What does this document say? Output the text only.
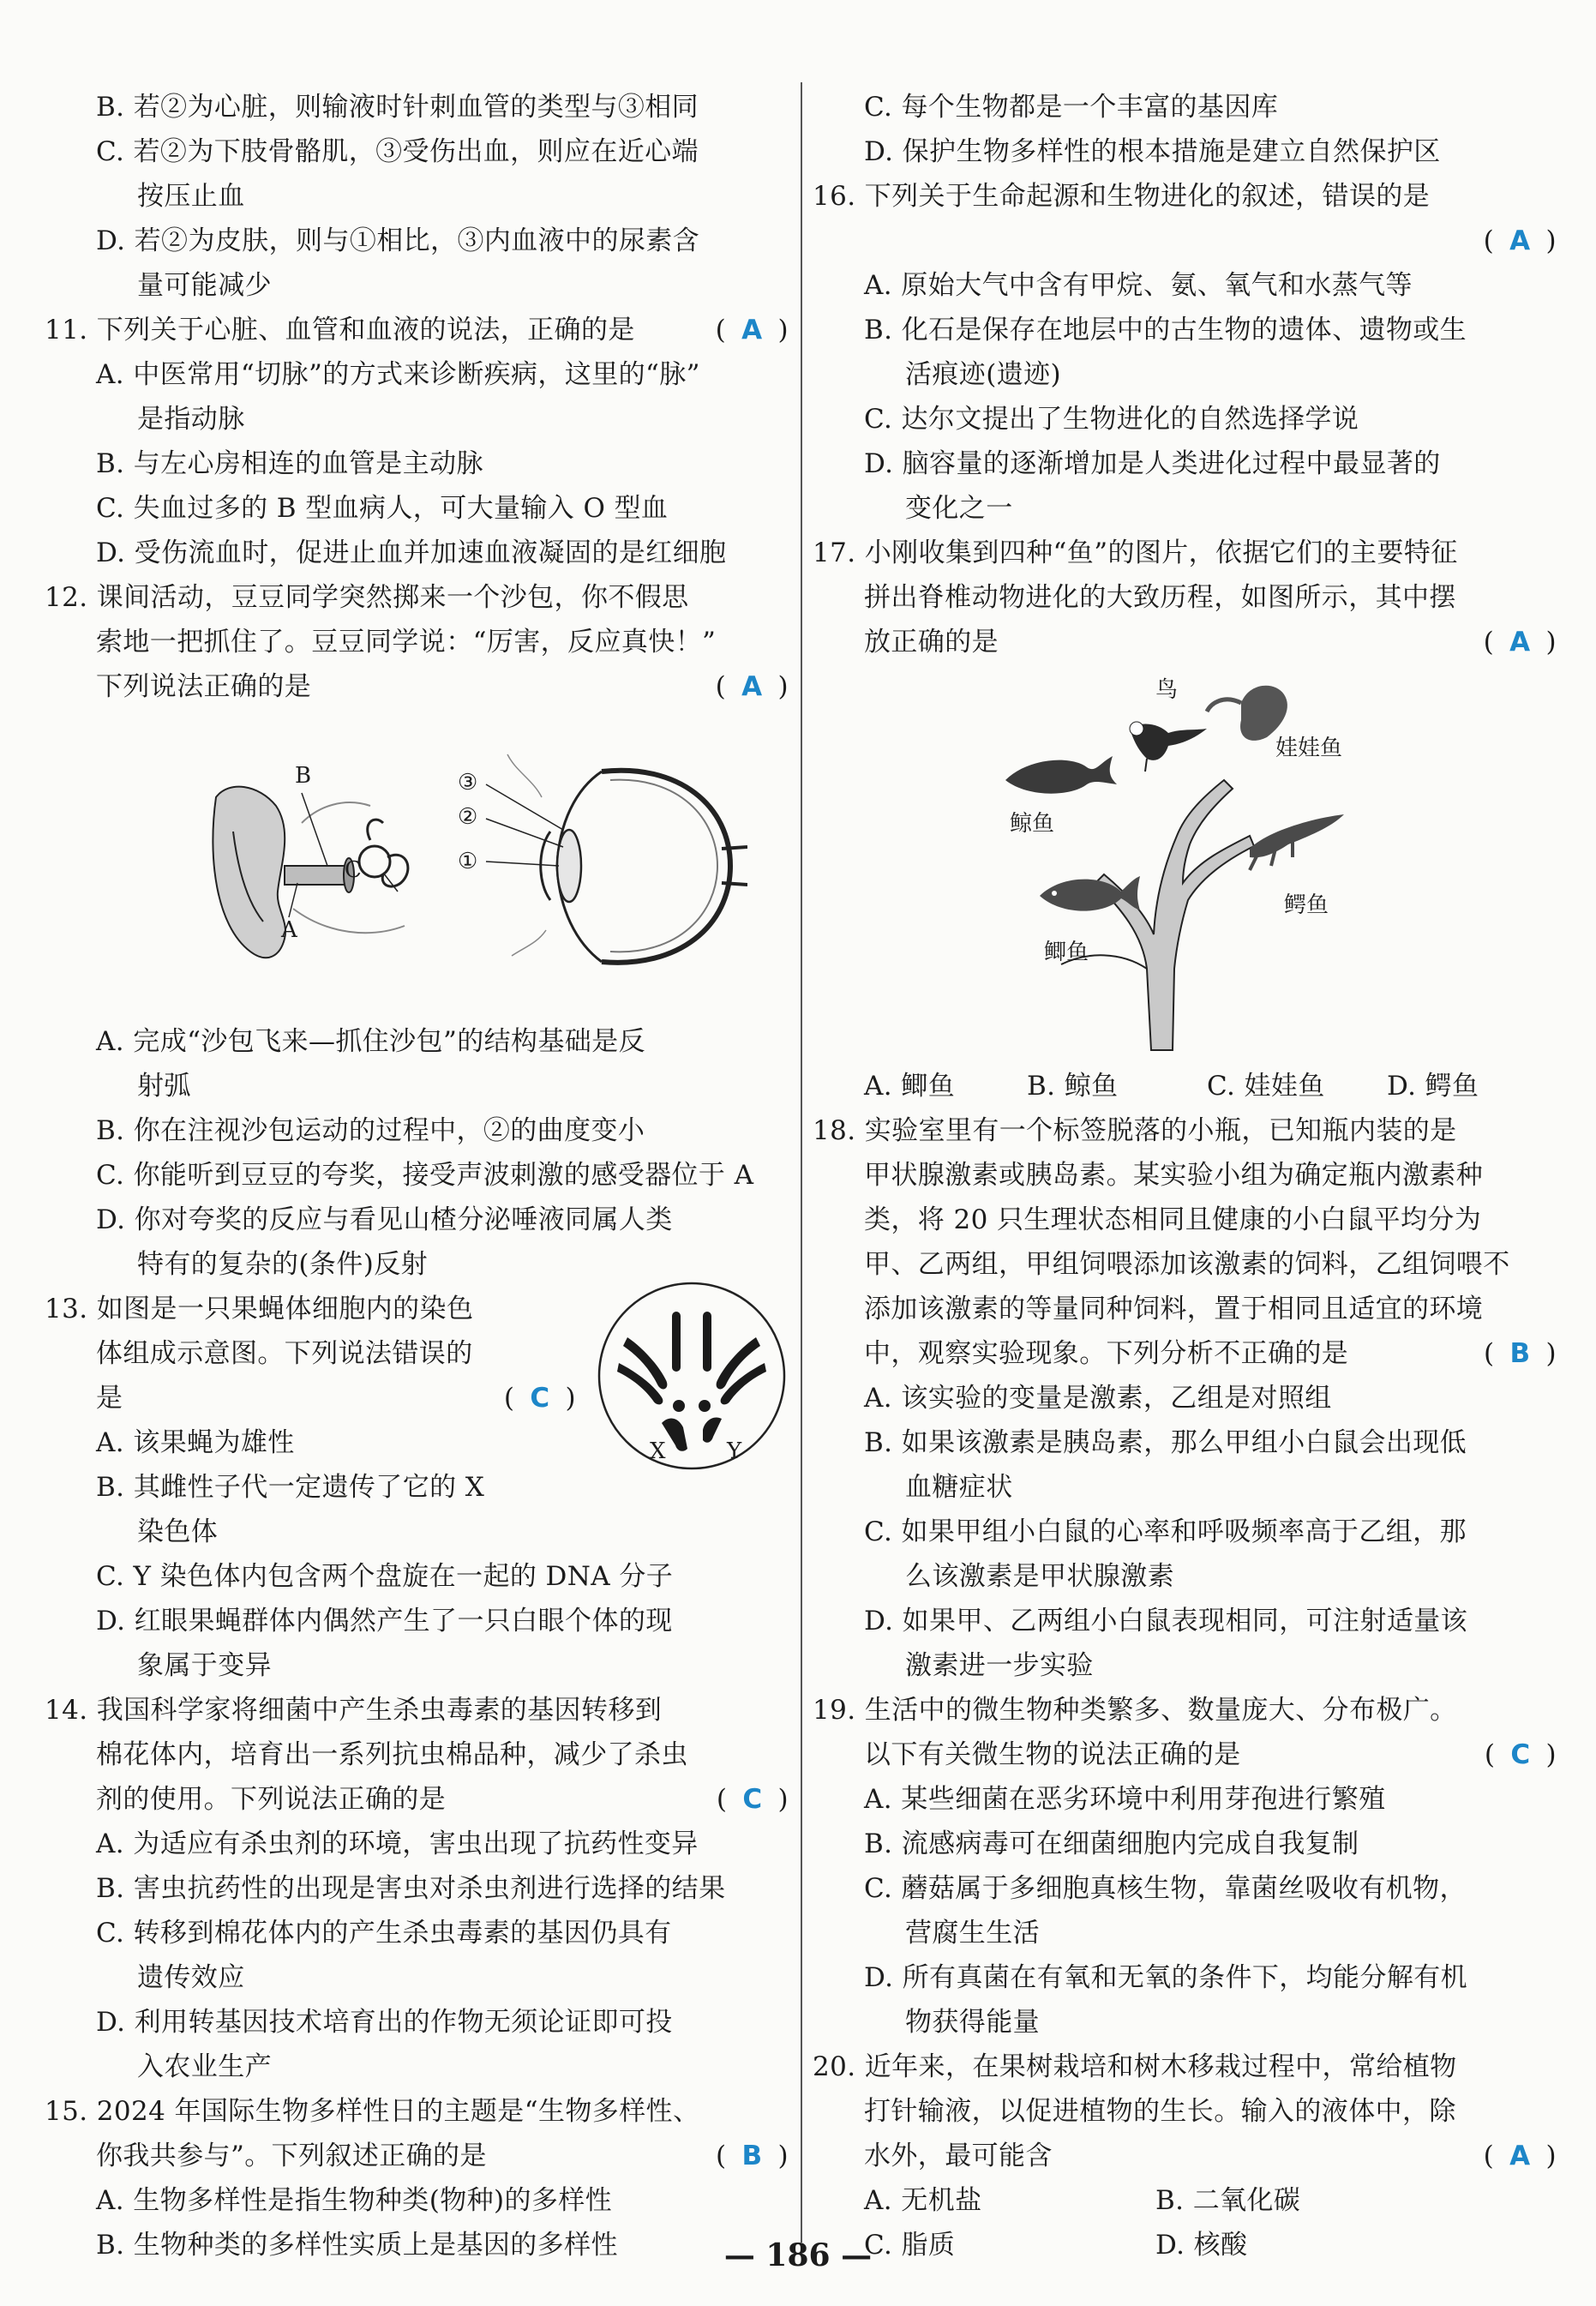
B. 若②为心脏，则输液时针刺血管的类型与③相同
C. 若②为下肢骨骼肌，③受伤出血，则应在近心端
按压止血
D. 若②为皮肤，则与①相比，③内血液中的尿素含
量可能减少
11. 下列关于心脏、血管和血液的说法，正确的是	( A )
A. 中医常用“切脉”的方式来诊断疾病，这里的“脉”
是指动脉
B. 与左心房相连的血管是主动脉
C. 失血过多的 B 型血病人，可大量输入 O 型血
D. 受伤流血时，促进止血并加速血液凝固的是红细胞
12. 课间活动，豆豆同学突然掷来一个沙包，你不假思
索地一把抓住了。豆豆同学说：“厉害，反应真快！”
下列说法正确的是	( A )
C
B
A
③
②
①
A. 完成“沙包飞来—抓住沙包”的结构基础是反
射弧
B. 你在注视沙包运动的过程中，②的曲度变小
C. 你能听到豆豆的夸奖，接受声波刺激的感受器位于 A
D. 你对夸奖的反应与看见山楂分泌唾液同属人类
特有的复杂的(条件)反射
13. 如图是一只果蝇体细胞内的染色
体组成示意图。下列说法错误的
是	( C )
X	Y
A. 该果蝇为雄性
B. 其雌性子代一定遗传了它的 X
染色体
C. Y 染色体内包含两个盘旋在一起的 DNA 分子
D. 红眼果蝇群体内偶然产生了一只白眼个体的现
象属于变异
14. 我国科学家将细菌中产生杀虫毒素的基因转移到
棉花体内，培育出一系列抗虫棉品种，减少了杀虫
剂的使用。下列说法正确的是	( C )
A. 为适应有杀虫剂的环境，害虫出现了抗药性变异
B. 害虫抗药性的出现是害虫对杀虫剂进行选择的结果
C. 转移到棉花体内的产生杀虫毒素的基因仍具有
遗传效应
D. 利用转基因技术培育出的作物无须论证即可投
入农业生产
15. 2024 年国际生物多样性日的主题是“生物多样性、
你我共参与”。下列叙述正确的是	( B )
A. 生物多样性是指生物种类(物种)的多样性
B. 生物种类的多样性实质上是基因的多样性
C. 每个生物都是一个丰富的基因库
D. 保护生物多样性的根本措施是建立自然保护区
16. 下列关于生命起源和生物进化的叙述，错误的是
( A )
A. 原始大气中含有甲烷、氨、氧气和水蒸气等
B. 化石是保存在地层中的古生物的遗体、遗物或生
活痕迹(遗迹)
C. 达尔文提出了生物进化的自然选择学说
D. 脑容量的逐渐增加是人类进化过程中最显著的
变化之一
17. 小刚收集到四种“鱼”的图片，依据它们的主要特征
拼出脊椎动物进化的大致历程，如图所示，其中摆
放正确的是	( A )
鸟
鲸鱼
娃娃鱼
鲫鱼
鳄鱼
A. 鲫鱼	B. 鲸鱼	C. 娃娃鱼 D. 鳄鱼
18. 实验室里有一个标签脱落的小瓶，已知瓶内装的是
甲状腺激素或胰岛素。某实验小组为确定瓶内激素种
类，将 20 只生理状态相同且健康的小白鼠平均分为
甲、乙两组，甲组饲喂添加该激素的饲料，乙组饲喂不
添加该激素的等量同种饲料，置于相同且适宜的环境
中，观察实验现象。下列分析不正确的是	( B )
A. 该实验的变量是激素，乙组是对照组
B. 如果该激素是胰岛素，那么甲组小白鼠会出现低
血糖症状
C. 如果甲组小白鼠的心率和呼吸频率高于乙组，那
么该激素是甲状腺激素
D. 如果甲、乙两组小白鼠表现相同，可注射适量该
激素进一步实验
19. 生活中的微生物种类繁多、数量庞大、分布极广。
以下有关微生物的说法正确的是	( C )
A. 某些细菌在恶劣环境中利用芽孢进行繁殖
B. 流感病毒可在细菌细胞内完成自我复制
C. 蘑菇属于多细胞真核生物，靠菌丝吸收有机物，
营腐生生活
D. 所有真菌在有氧和无氧的条件下，均能分解有机
物获得能量
20. 近年来，在果树栽培和树木移栽过程中，常给植物
打针输液，以促进植物的生长。输入的液体中，除
水外，最可能含	( A )
A. 无机盐	B. 二氧化碳
C. 脂质	D. 核酸
— 186 —
